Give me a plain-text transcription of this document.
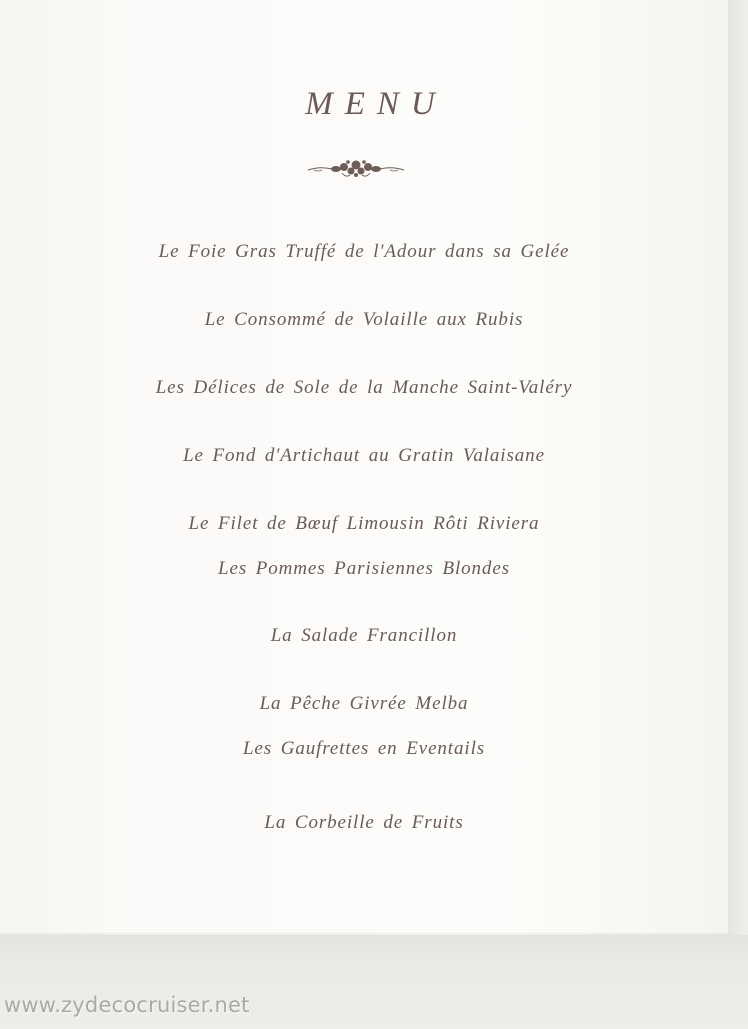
MENU
Le Foie Gras Truffé de l'Adour dans sa Gelée
Le Consommé de Volaille aux Rubis
Les Délices de Sole de la Manche Saint-Valéry
Le Fond d'Artichaut au Gratin Valaisane
Le Filet de Bœuf Limousin Rôti Riviera
Les Pommes Parisiennes Blondes
La Salade Francillon
La Pêche Givrée Melba
Les Gaufrettes en Eventails
La Corbeille de Fruits
www.zydecocruiser.net
